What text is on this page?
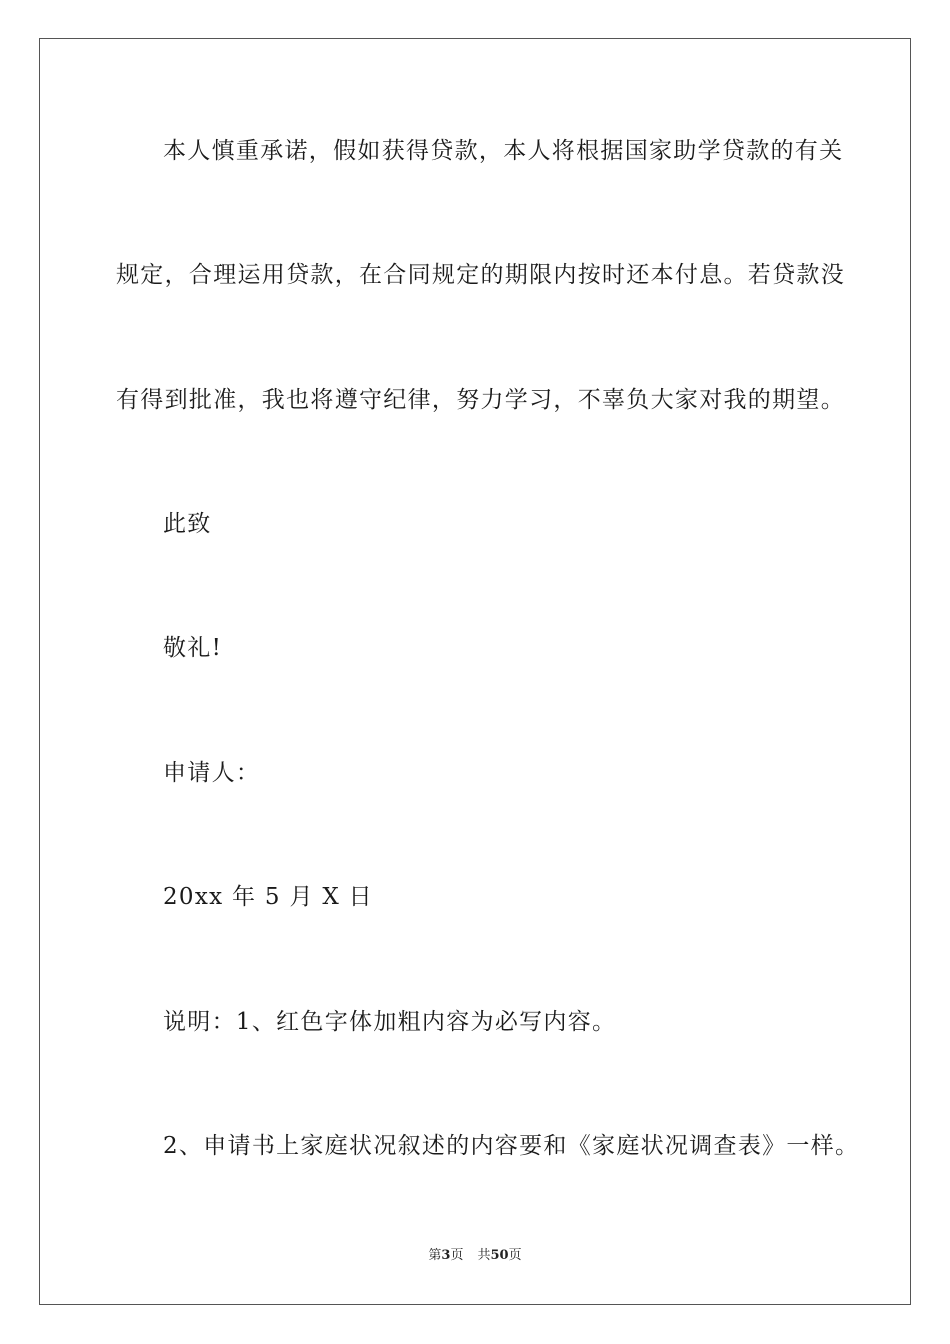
本人慎重承诺，假如获得贷款，本人将根据国家助学贷款的有关
规定，合理运用贷款，在合同规定的期限内按时还本付息。若贷款没
有得到批准，我也将遵守纪律，努力学习，不辜负大家对我的期望。
此致
敬礼!
申请人：
20xx 年 5 月 X 日
说明：1、红色字体加粗内容为必写内容。
2、申请书上家庭状况叙述的内容要和《家庭状况调查表》一样。
第3页 共50页
